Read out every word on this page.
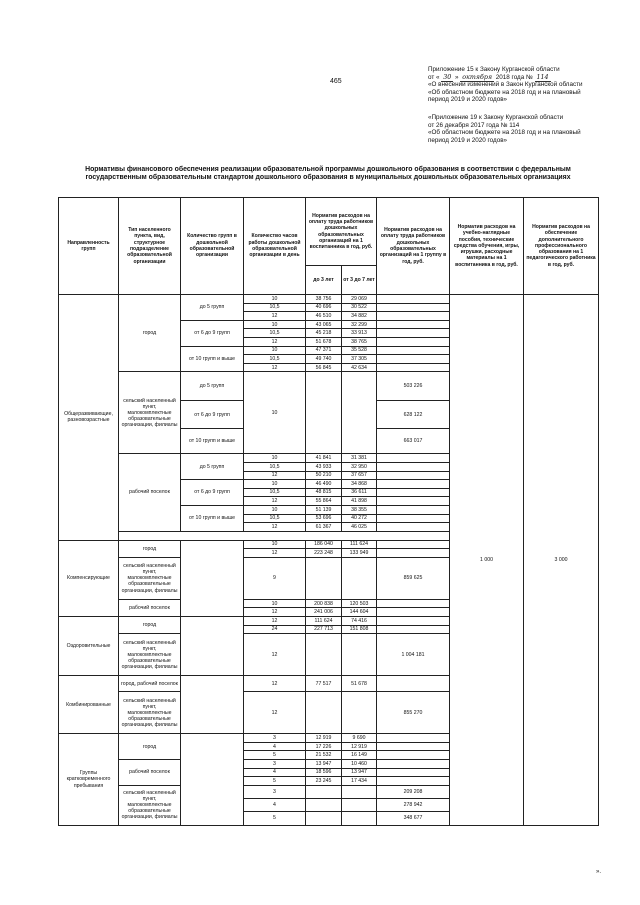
465
Приложение 15 к Закону Курганской области
от « 30 » октября 2018 года № 114
«О внесении изменений в Закон Курганской области
«Об областном бюджете на 2018 год и на плановый
период 2019 и 2020 годов»
«Приложение 19 к Закону Курганской области
от 26 декабря 2017 года № 114
«Об областном бюджете на 2018 год и на плановый
период 2019 и 2020 годов»
Нормативы финансового обеспечения реализации образовательной программы дошкольного образования в соответствии с федеральным государственным образовательным стандартом дошкольного образования в муниципальных дошкольных образовательных организациях
Направленность групп	Тип населенного пункта, вид, структурное подразделение образовательной организации	Количество групп в дошкольной образовательной организации	Количество часов работы дошкольной образовательной организации в день	Норматив расходов на оплату труда работников дошкольных образовательных организаций на 1 воспитанника в год, руб.		Норматив расходов на оплату труда работников дошкольных образовательных организаций на 1 группу в год, руб.	Норматив расходов на учебно-наглядные пособия, технические средства обучения, игры, игрушки, расходные материалы на 1 воспитанника в год, руб.	Норматив расходов на обеспечение дополнительного профессионального образования на 1 педагогического работника в год, руб.
				до 3 лет	от 3 до 7 лет			
Общеразвивающие, разновозрастные	город	до 5 групп	10	38 756	29 069		1 000	3 000
			10,5	40 696	30 522			
			12	46 510	34 882			
		от 6 до 9 групп	10	43 065	32 299			
			10,5	45 218	33 913			
			12	51 678	38 765			
		от 10 групп и выше	10	47 371	35 528			
			10,5	49 740	37 305			
			12	56 845	42 634			
	сельский населенный пункт, малокомплектные образовательные организации, филиалы	до 5 групп	10			503 226		

		от 6 до 9 групп				628 122		

		от 10 групп и выше				663 017		

	рабочий поселок	до 5 групп	10	41 841	31 381			
			10,5	43 933	32 950			
			12	50 210	37 657			
		от 6 до 9 групп	10	46 490	34 868			
			10,5	48 815	36 611			
			12	55 864	41 898			
		от 10 групп и выше	10	51 139	38 355			
			10,5	53 696	40 272			
			12	61 367	46 025			

Компенсирующие	город		10	186 040	111 624			
			12	223 248	133 949			
	сельский населенный пункт, малокомплектные образовательные организации, филиалы		9			859 625		
	рабочий поселок		10	200 838	120 503			
			12	241 006	144 604			
Оздоровительные	город		12	111 624	74 416			
			24	227 713	151 808			
	сельский населенный пункт, малокомплектные образовательные организации, филиалы		12			1 004 181		
Комбинированные	город, рабочий поселок		12	77 517	51 678			
	сельский населенный пункт, малокомплектные образовательные организации, филиалы		12			855 270		
Группы кратковременного пребывания	город		3	12 919	9 690			
			4	17 226	12 919			
			5	21 532	16 149			
	рабочий поселок		3	13 947	10 460			
			4	18 596	13 947			
			5	23 245	17 434			
	сельский населенный пункт, малокомплектные образовательные организации, филиалы		3			209 208		
			4			278 942		
			5			348 677		
».
